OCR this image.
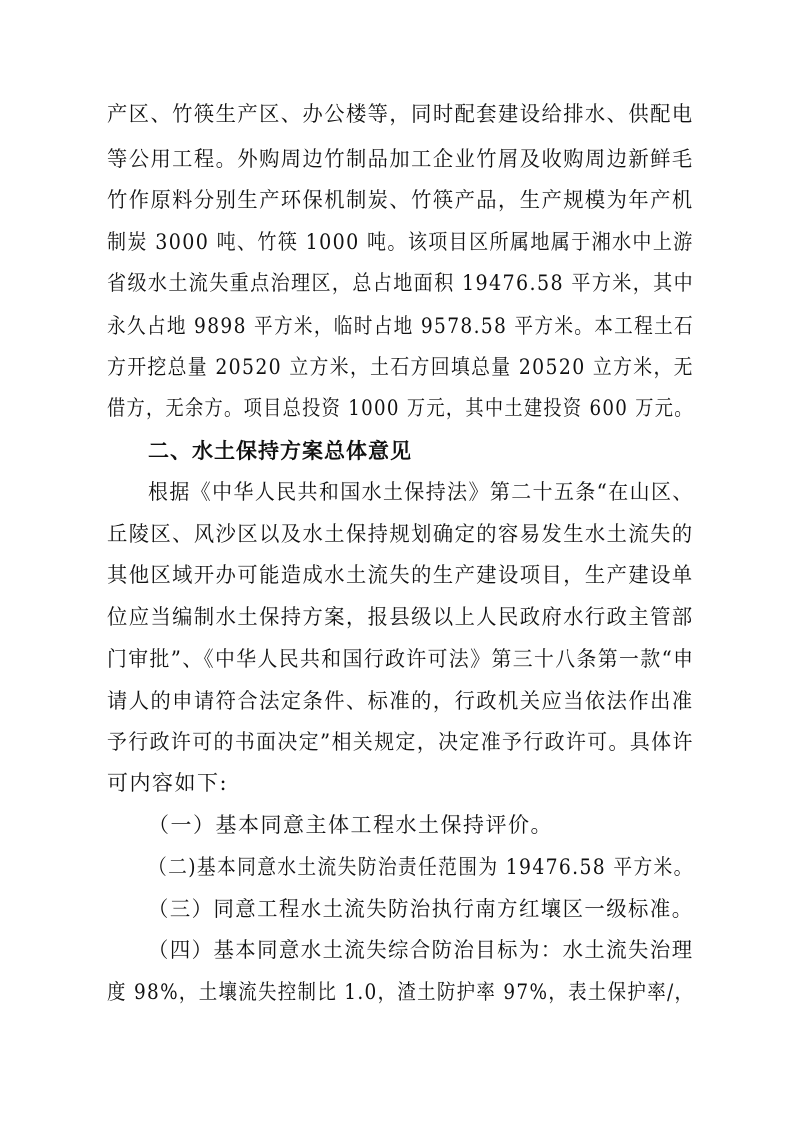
产区、竹筷生产区、办公楼等，同时配套建设给排水、供配电
等公用工程。外购周边竹制品加工企业竹屑及收购周边新鲜毛
竹作原料分别生产环保机制炭、竹筷产品，生产规模为年产机
制炭 3000 吨、竹筷 1000 吨。该项目区所属地属于湘水中上游
省级水土流失重点治理区，总占地面积 19476.58 平方米，其中
永久占地 9898 平方米，临时占地 9578.58 平方米。本工程土石
方开挖总量 20520 立方米，土石方回填总量 20520 立方米，无
借方，无余方。项目总投资 1000 万元，其中土建投资 600 万元。
二、水土保持方案总体意见
根据《中华人民共和国水土保持法》第二十五条“在山区、
丘陵区、风沙区以及水土保持规划确定的容易发生水土流失的
其他区域开办可能造成水土流失的生产建设项目，生产建设单
位应当编制水土保持方案，报县级以上人民政府水行政主管部
门审批”、《中华人民共和国行政许可法》第三十八条第一款“申
请人的申请符合法定条件、标准的，行政机关应当依法作出准
予行政许可的书面决定”相关规定，决定准予行政许可。具体许
可内容如下:
（一）基本同意主体工程水土保持评价。
（二)基本同意水土流失防治责任范围为 19476.58 平方米。
（三）同意工程水土流失防治执行南方红壤区一级标准。
（四）基本同意水土流失综合防治目标为：水土流失治理
度 98%，土壤流失控制比 1.0，渣土防护率 97%，表土保护率/，
